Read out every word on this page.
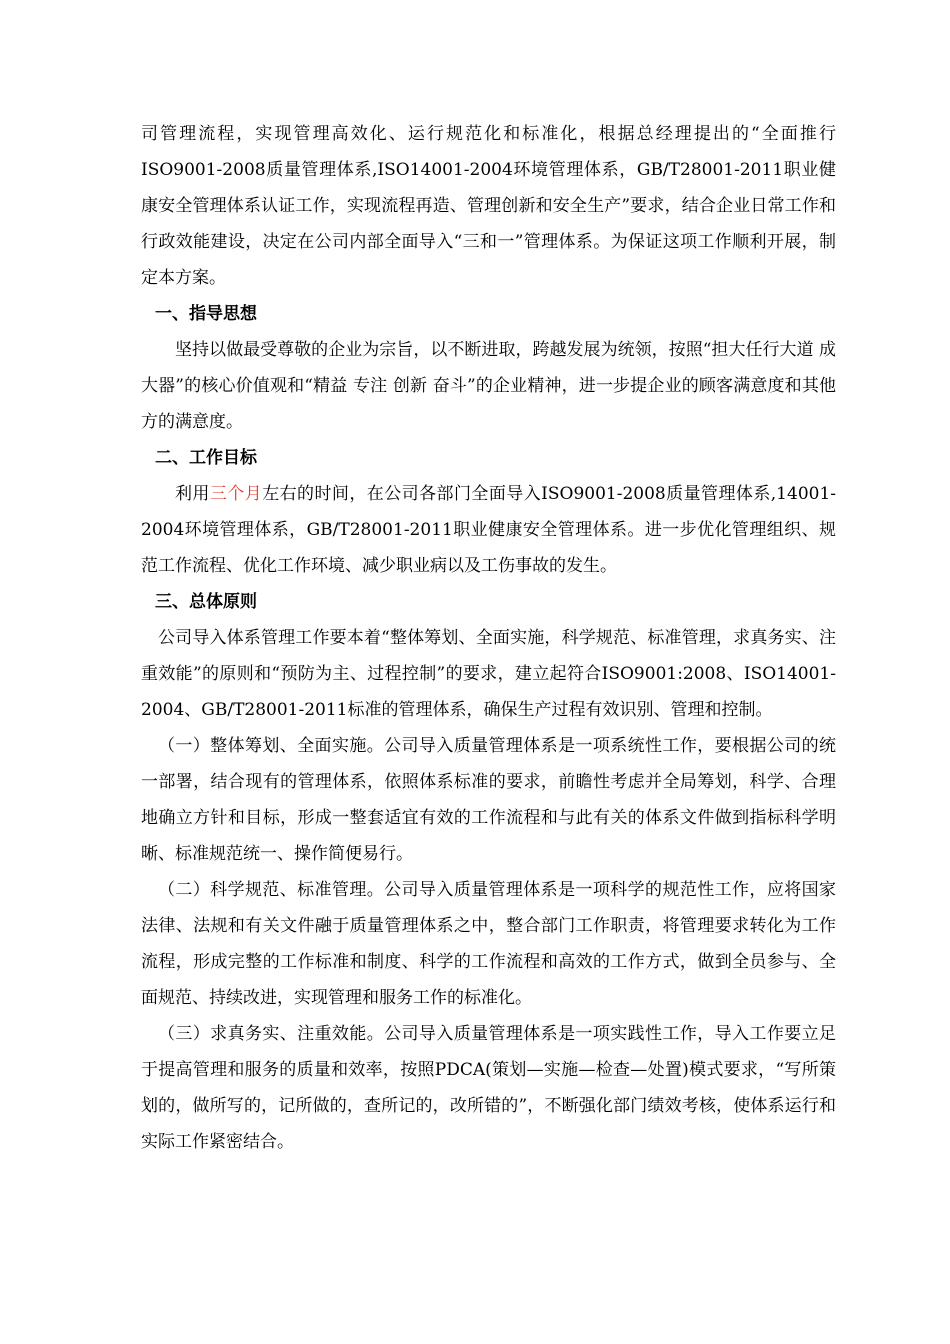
司管理流程，实现管理高效化、运行规范化和标准化，根据总经理提出的“全面推行ISO9001-2008质量管理体系,ISO14001-2004环境管理体系，GB/T28001-2011职业健康安全管理体系认证工作，实现流程再造、管理创新和安全生产”要求，结合企业日常工作和行政效能建设，决定在公司内部全面导入“三和一”管理体系。为保证这项工作顺利开展，制定本方案。

一、指导思想

坚持以做最受尊敬的企业为宗旨，以不断进取，跨越发展为统领，按照“担大任行大道 成大器”的核心价值观和“精益 专注 创新 奋斗”的企业精神，进一步提企业的顾客满意度和其他方的满意度。

二、工作目标

利用三个月左右的时间，在公司各部门全面导入ISO9001-2008质量管理体系,14001-2004环境管理体系，GB/T28001-2011职业健康安全管理体系。进一步优化管理组织、规范工作流程、优化工作环境、减少职业病以及工伤事故的发生。

三、总体原则

公司导入体系管理工作要本着“整体筹划、全面实施，科学规范、标准管理，求真务实、注重效能”的原则和“预防为主、过程控制”的要求，建立起符合ISO9001:2008、ISO14001-2004、GB/T28001-2011标准的管理体系，确保生产过程有效识别、管理和控制。

（一）整体筹划、全面实施。公司导入质量管理体系是一项系统性工作，要根据公司的统一部署，结合现有的管理体系，依照体系标准的要求，前瞻性考虑并全局筹划，科学、合理地确立方针和目标，形成一整套适宜有效的工作流程和与此有关的体系文件做到指标科学明晰、标准规范统一、操作简便易行。

（二）科学规范、标准管理。公司导入质量管理体系是一项科学的规范性工作，应将国家法律、法规和有关文件融于质量管理体系之中，整合部门工作职责，将管理要求转化为工作流程，形成完整的工作标准和制度、科学的工作流程和高效的工作方式，做到全员参与、全面规范、持续改进，实现管理和服务工作的标准化。

（三）求真务实、注重效能。公司导入质量管理体系是一项实践性工作，导入工作要立足于提高管理和服务的质量和效率，按照PDCA(策划—实施—检查—处置)模式要求，“写所策划的，做所写的，记所做的，查所记的，改所错的”，不断强化部门绩效考核，使体系运行和实际工作紧密结合。
